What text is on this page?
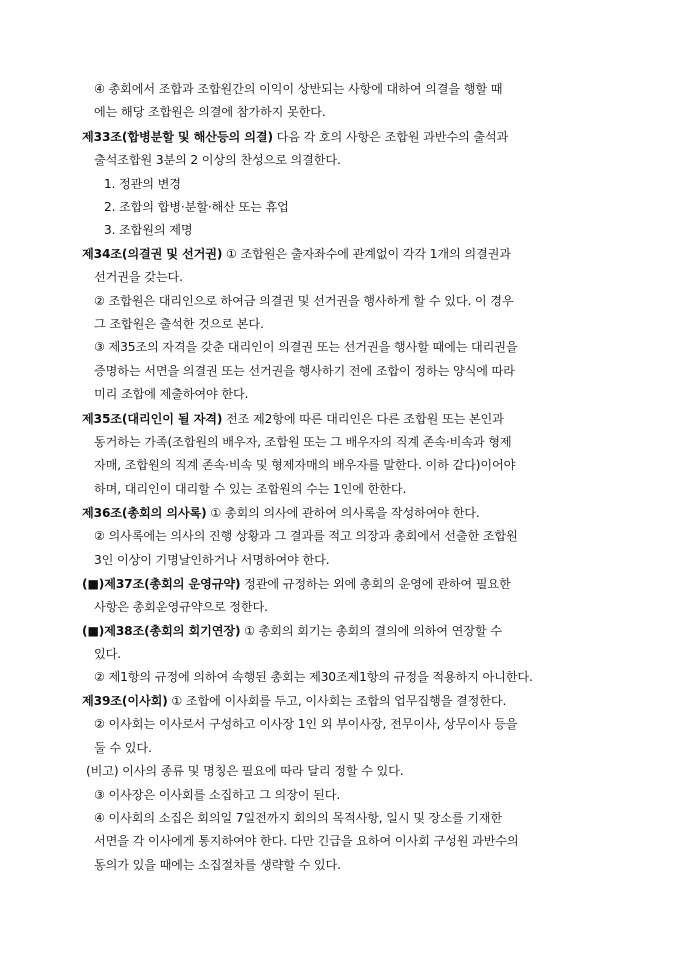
④ 총회에서 조합과 조합원간의 이익이 상반되는 사항에 대하여 의결을 행할 때
에는 해당 조합원은 의결에 참가하지 못한다.
제33조(합병분할 및 해산등의 의결) 다음 각 호의 사항은 조합원 과반수의 출석과
출석조합원 3분의 2 이상의 찬성으로 의결한다.
1. 정관의 변경
2. 조합의 합병·분할·해산 또는 휴업
3. 조합원의 제명
제34조(의결권 및 선거권) ① 조합원은 출자좌수에 관계없이 각각 1개의 의결권과
선거권을 갖는다.
② 조합원은 대리인으로 하여금 의결권 및 선거권을 행사하게 할 수 있다. 이 경우
그 조합원은 출석한 것으로 본다.
③ 제35조의 자격을 갖춘 대리인이 의결권 또는 선거권을 행사할 때에는 대리권을
증명하는 서면을 의결권 또는 선거권을 행사하기 전에 조합이 정하는 양식에 따라
미리 조합에 제출하여야 한다.
제35조(대리인이 될 자격) 전조 제2항에 따른 대리인은 다른 조합원 또는 본인과
동거하는 가족(조합원의 배우자, 조합원 또는 그 배우자의 직계 존속·비속과 형제
자매, 조합원의 직계 존속·비속 및 형제자매의 배우자를 말한다. 이하 같다)이어야
하며, 대리인이 대리할 수 있는 조합원의 수는 1인에 한한다.
제36조(총회의 의사록) ① 총회의 의사에 관하여 의사록을 작성하여야 한다.
② 의사록에는 의사의 진행 상황과 그 결과를 적고 의장과 총회에서 선출한 조합원
3인 이상이 기명날인하거나 서명하여야 한다.
(■)제37조(총회의 운영규약) 정관에 규정하는 외에 총회의 운영에 관하여 필요한
사항은 총회운영규약으로 정한다.
(■)제38조(총회의 회기연장) ① 총회의 회기는 총회의 결의에 의하여 연장할 수
있다.
② 제1항의 규정에 의하여 속행된 총회는 제30조제1항의 규정을 적용하지 아니한다.
제39조(이사회) ① 조합에 이사회를 두고, 이사회는 조합의 업무집행을 결정한다.
② 이사회는 이사로서 구성하고 이사장 1인 외 부이사장, 전무이사, 상무이사 등을
둘 수 있다.
(비고) 이사의 종류 및 명칭은 필요에 따라 달리 정할 수 있다.
③ 이사장은 이사회를 소집하고 그 의장이 된다.
④ 이사회의 소집은 회의일 7일전까지 회의의 목적사항, 일시 및 장소를 기재한
서면을 각 이사에게 통지하여야 한다. 다만 긴급을 요하여 이사회 구성원 과반수의
동의가 있을 때에는 소집절차를 생략할 수 있다.
